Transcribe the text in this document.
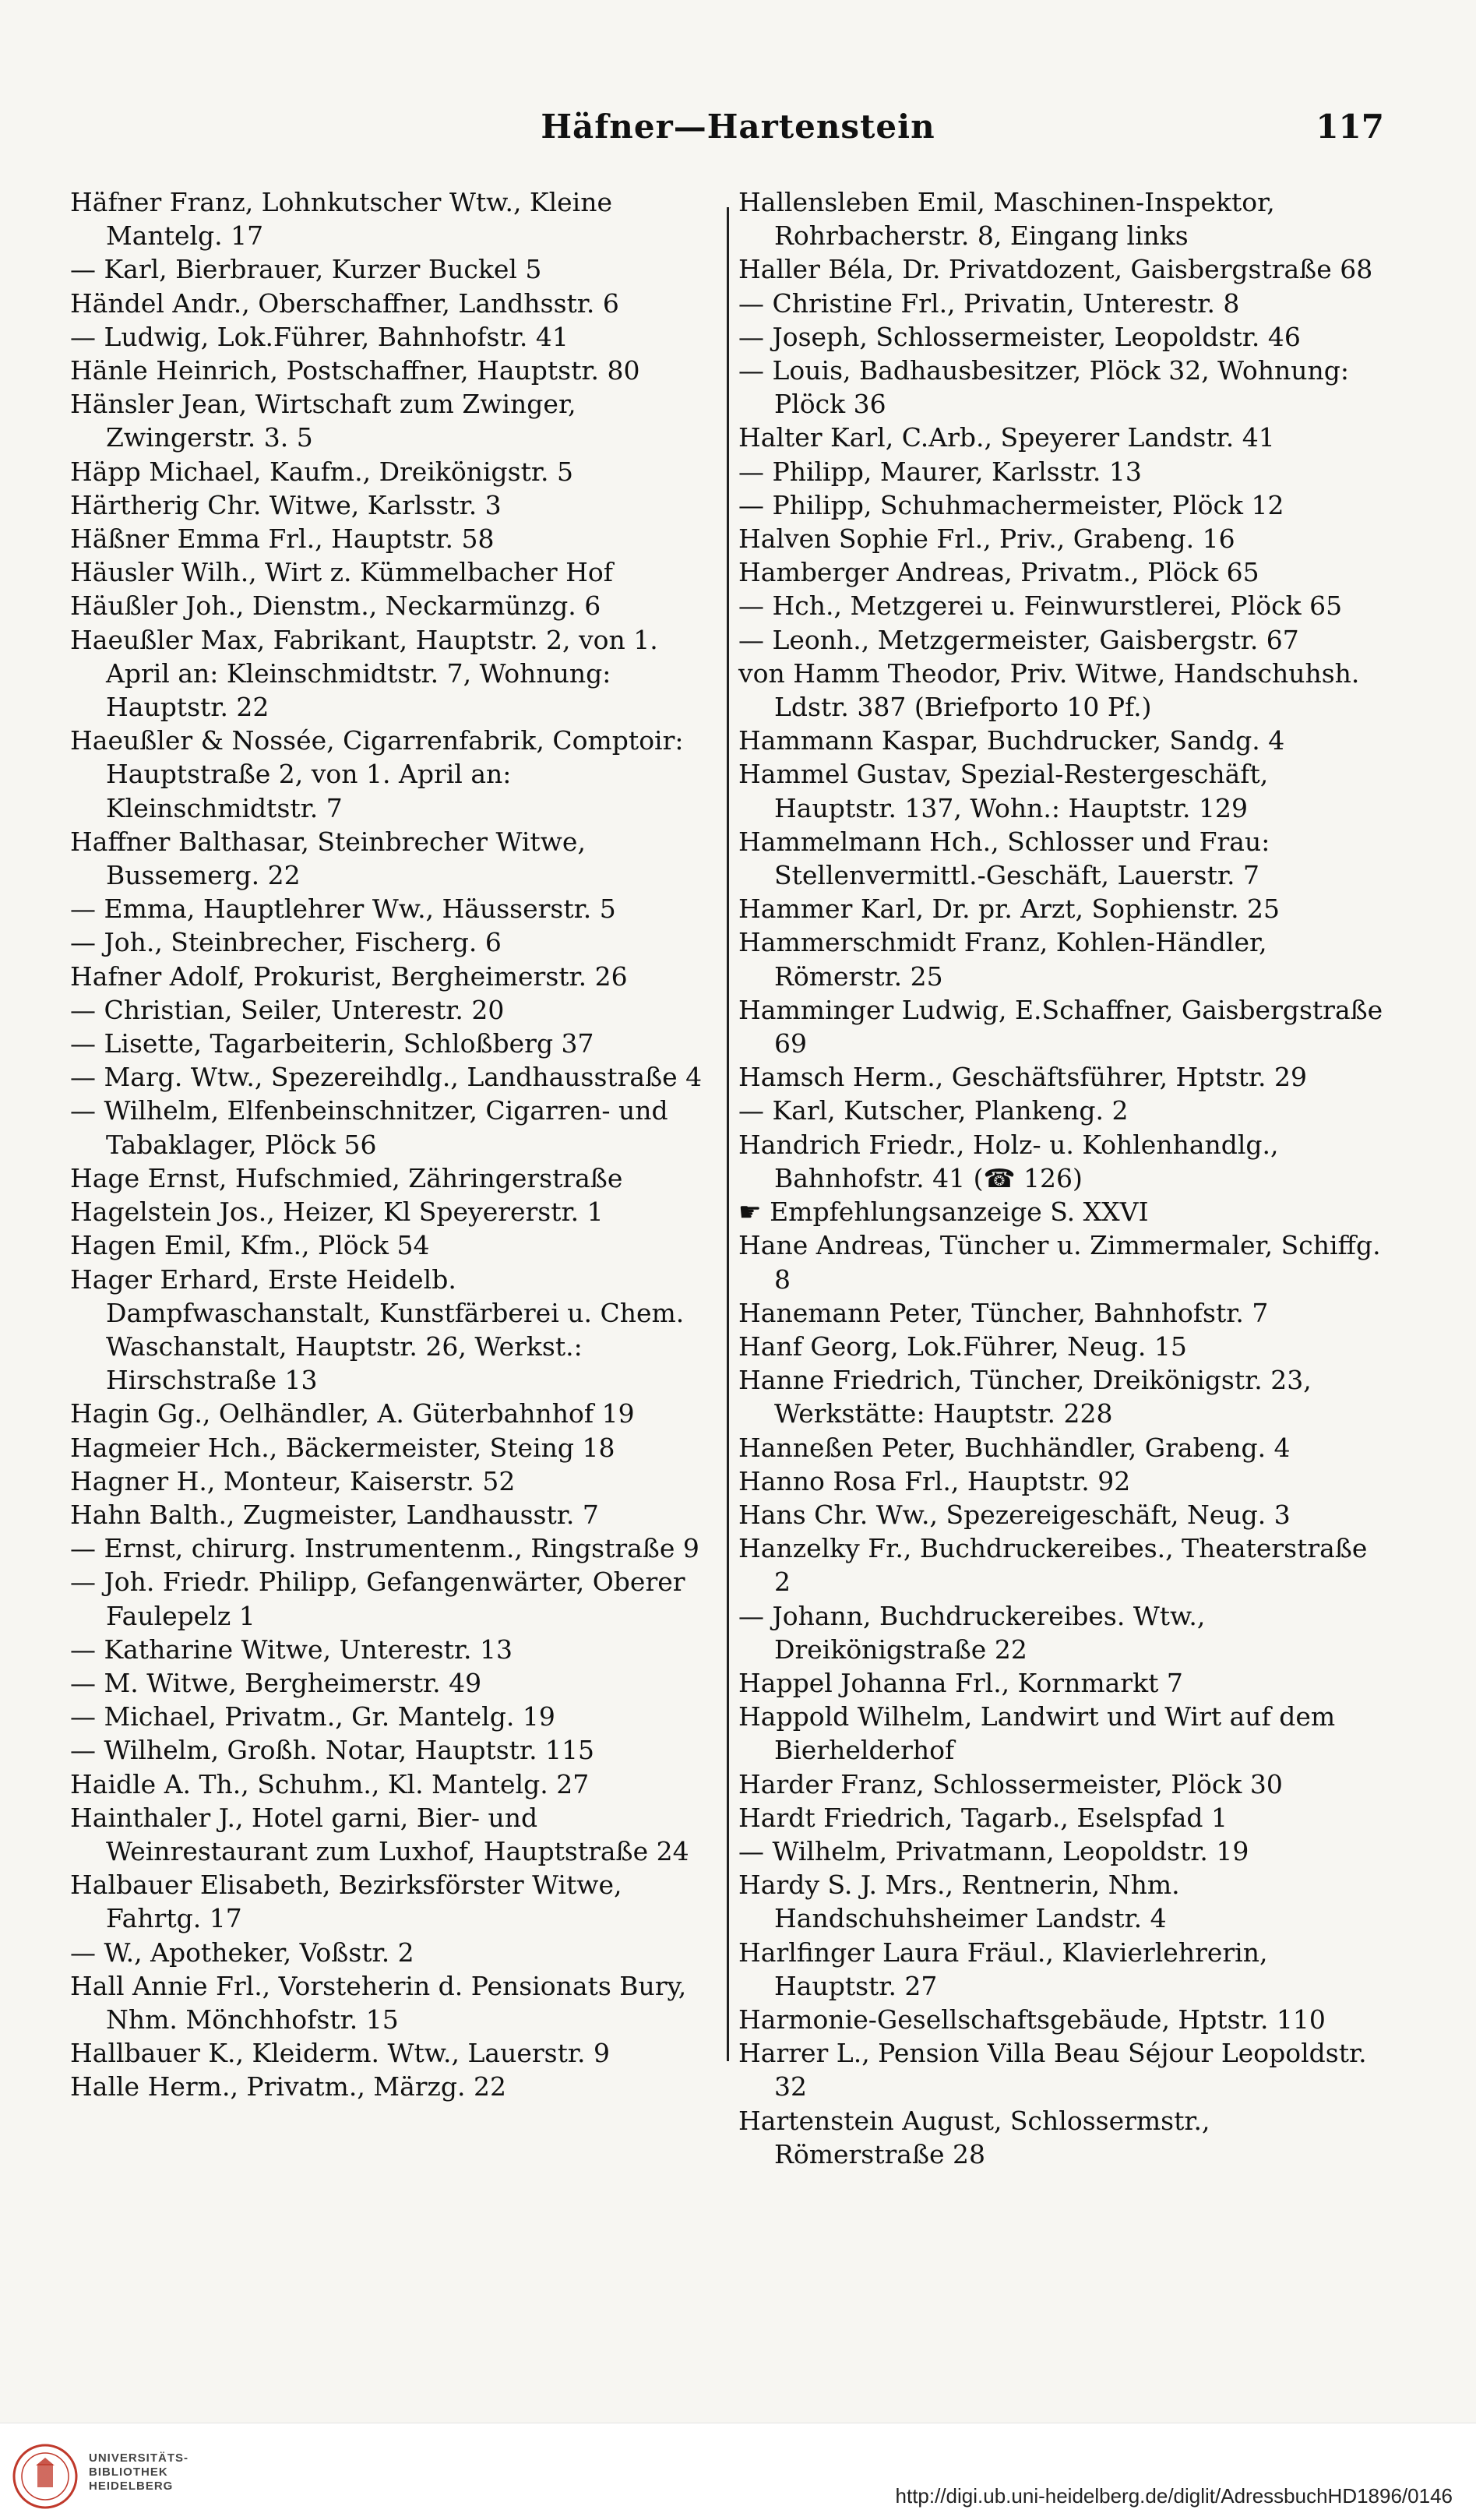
Häfner—Hartenstein	117
Häfner Franz, Lohnkutscher Wtw., Kleine Mantelg. 17
— Karl, Bierbrauer, Kurzer Buckel 5
Händel Andr., Oberschaffner, Landhsstr. 6
— Ludwig, Lok.Führer, Bahnhofstr. 41
Hänle Heinrich, Postschaffner, Hauptstr. 80
Hänsler Jean, Wirtschaft zum Zwinger, Zwingerstr. 3. 5
Häpp Michael, Kaufm., Dreikönigstr. 5
Härtherig Chr. Witwe, Karlsstr. 3
Häßner Emma Frl., Hauptstr. 58
Häusler Wilh., Wirt z. Kümmelbacher Hof
Häußler Joh., Dienstm., Neckarmünzg. 6
Haeußler Max, Fabrikant, Hauptstr. 2, von 1. April an: Kleinschmidtstr. 7, Wohnung: Hauptstr. 22
Haeußler & Nossée, Cigarrenfabrik, Comptoir: Hauptstraße 2, von 1. April an: Kleinschmidtstr. 7
Haffner Balthasar, Steinbrecher Witwe, Bussemerg. 22
— Emma, Hauptlehrer Ww., Häusserstr. 5
— Joh., Steinbrecher, Fischerg. 6
Hafner Adolf, Prokurist, Bergheimerstr. 26
— Christian, Seiler, Unterestr. 20
— Lisette, Tagarbeiterin, Schloßberg 37
— Marg. Wtw., Spezereihdlg., Landhausstraße 4
— Wilhelm, Elfenbeinschnitzer, Cigarren- und Tabaklager, Plöck 56
Hage Ernst, Hufschmied, Zähringerstraße
Hagelstein Jos., Heizer, Kl Speyererstr. 1
Hagen Emil, Kfm., Plöck 54
Hager Erhard, Erste Heidelb. Dampfwaschanstalt, Kunstfärberei u. Chem. Waschanstalt, Hauptstr. 26, Werkst.: Hirschstraße 13
Hagin Gg., Oelhändler, A. Güterbahnhof 19
Hagmeier Hch., Bäckermeister, Steing 18
Hagner H., Monteur, Kaiserstr. 52
Hahn Balth., Zugmeister, Landhausstr. 7
— Ernst, chirurg. Instrumentenm., Ringstraße 9
— Joh. Friedr. Philipp, Gefangenwärter, Oberer Faulepelz 1
— Katharine Witwe, Unterestr. 13
— M. Witwe, Bergheimerstr. 49
— Michael, Privatm., Gr. Mantelg. 19
— Wilhelm, Großh. Notar, Hauptstr. 115
Haidle A. Th., Schuhm., Kl. Mantelg. 27
Hainthaler J., Hotel garni, Bier- und Weinrestaurant zum Luxhof, Hauptstraße 24
Halbauer Elisabeth, Bezirksförster Witwe, Fahrtg. 17
— W., Apotheker, Voßstr. 2
Hall Annie Frl., Vorsteherin d. Pensionats Bury, Nhm. Mönchhofstr. 15
Hallbauer K., Kleiderm. Wtw., Lauerstr. 9
Halle Herm., Privatm., Märzg. 22
Hallensleben Emil, Maschinen-Inspektor, Rohrbacherstr. 8, Eingang links
Haller Béla, Dr. Privatdozent, Gaisbergstraße 68
— Christine Frl., Privatin, Unterestr. 8
— Joseph, Schlossermeister, Leopoldstr. 46
— Louis, Badhausbesitzer, Plöck 32, Wohnung: Plöck 36
Halter Karl, C.Arb., Speyerer Landstr. 41
— Philipp, Maurer, Karlsstr. 13
— Philipp, Schuhmachermeister, Plöck 12
Halven Sophie Frl., Priv., Grabeng. 16
Hamberger Andreas, Privatm., Plöck 65
— Hch., Metzgerei u. Feinwurstlerei, Plöck 65
— Leonh., Metzgermeister, Gaisbergstr. 67
von Hamm Theodor, Priv. Witwe, Handschuhsh. Ldstr. 387 (Briefporto 10 Pf.)
Hammann Kaspar, Buchdrucker, Sandg. 4
Hammel Gustav, Spezial-Restergeschäft, Hauptstr. 137, Wohn.: Hauptstr. 129
Hammelmann Hch., Schlosser und Frau: Stellenvermittl.-Geschäft, Lauerstr. 7
Hammer Karl, Dr. pr. Arzt, Sophienstr. 25
Hammerschmidt Franz, Kohlen-Händler, Römerstr. 25
Hamminger Ludwig, E.Schaffner, Gaisbergstraße 69
Hamsch Herm., Geschäftsführer, Hptstr. 29
— Karl, Kutscher, Plankeng. 2
Handrich Friedr., Holz- u. Kohlenhandlg., Bahnhofstr. 41 (☎ 126)
☛ Empfehlungsanzeige S. XXVI
Hane Andreas, Tüncher u. Zimmermaler, Schiffg. 8
Hanemann Peter, Tüncher, Bahnhofstr. 7
Hanf Georg, Lok.Führer, Neug. 15
Hanne Friedrich, Tüncher, Dreikönigstr. 23, Werkstätte: Hauptstr. 228
Hanneßen Peter, Buchhändler, Grabeng. 4
Hanno Rosa Frl., Hauptstr. 92
Hans Chr. Ww., Spezereigeschäft, Neug. 3
Hanzelky Fr., Buchdruckereibes., Theaterstraße 2
— Johann, Buchdruckereibes. Wtw., Dreikönigstraße 22
Happel Johanna Frl., Kornmarkt 7
Happold Wilhelm, Landwirt und Wirt auf dem Bierhelderhof
Harder Franz, Schlossermeister, Plöck 30
Hardt Friedrich, Tagarb., Eselspfad 1
— Wilhelm, Privatmann, Leopoldstr. 19
Hardy S. J. Mrs., Rentnerin, Nhm. Handschuhsheimer Landstr. 4
Harlfinger Laura Fräul., Klavierlehrerin, Hauptstr. 27
Harmonie-Gesellschaftsgebäude, Hptstr. 110
Harrer L., Pension Villa Beau Séjour Leopoldstr. 32
Hartenstein August, Schlossermstr., Römerstraße 28
UNIVERSITÄTS-
BIBLIOTHEK
HEIDELBERG	http://digi.ub.uni-heidelberg.de/diglit/AdressbuchHD1896/0146
